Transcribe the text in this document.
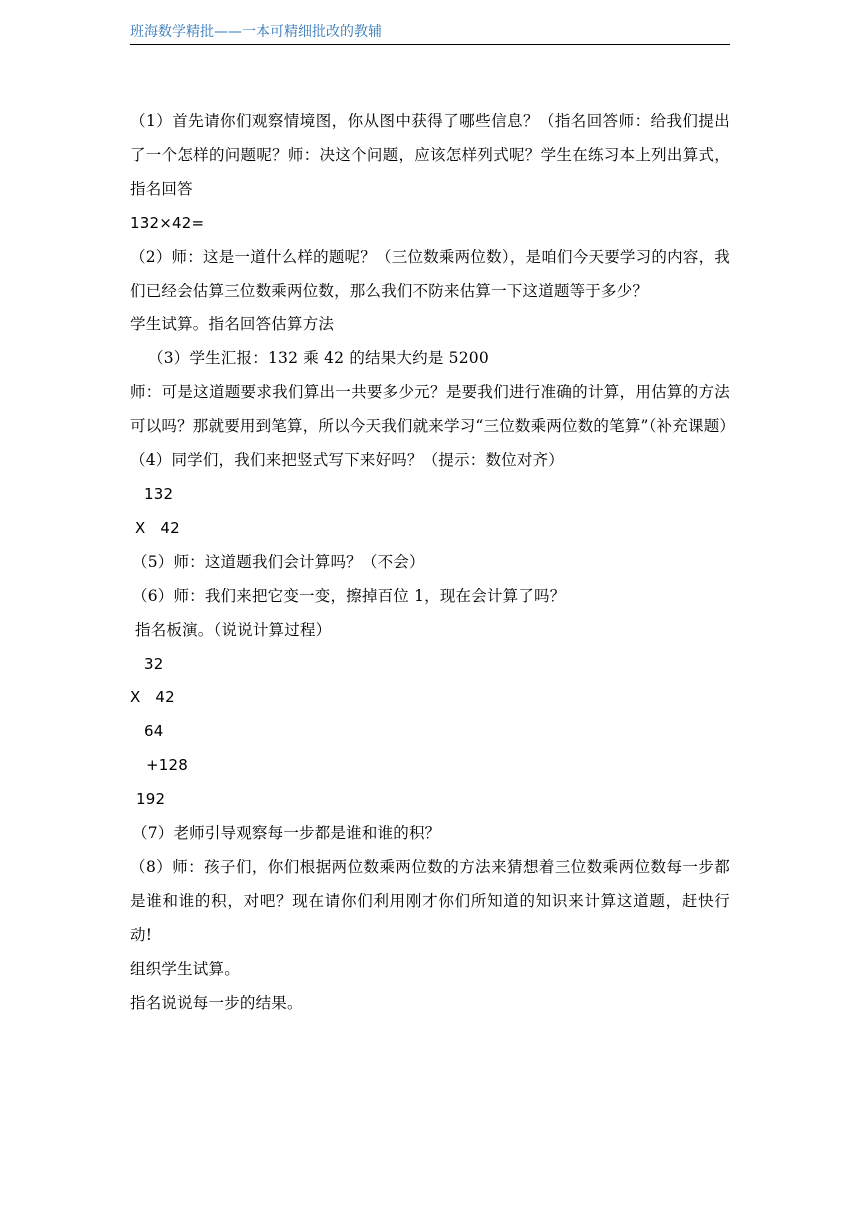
班海数学精批——一本可精细批改的教辅

（1）首先请你们观察情境图，你从图中获得了哪些信息？（指名回答师：给我们提出了一个怎样的问题呢？师：决这个问题，应该怎样列式呢？学生在练习本上列出算式，指名回答

132×42=

（2）师：这是一道什么样的题呢？（三位数乘两位数），是咱们今天要学习的内容，我们已经会估算三位数乘两位数，那么我们不防来估算一下这道题等于多少？

学生试算。指名回答估算方法

（3）学生汇报：132 乘 42 的结果大约是 5200

师：可是这道题要求我们算出一共要多少元？是要我们进行准确的计算，用估算的方法可以吗？那就要用到笔算，所以今天我们就来学习“三位数乘两位数的笔算”（补充课题）

（4）同学们，我们来把竖式写下来好吗？（提示：数位对齐）

132

X   42

（5）师：这道题我们会计算吗？（不会）

（6）师：我们来把它变一变，擦掉百位 1，现在会计算了吗？

指名板演。（说说计算过程）

32

X   42

64

+128

192

（7）老师引导观察每一步都是谁和谁的积？

（8）师：孩子们，你们根据两位数乘两位数的方法来猜想着三位数乘两位数每一步都是谁和谁的积，对吧？现在请你们利用刚才你们所知道的知识来计算这道题，赶快行动!

组织学生试算。

指名说说每一步的结果。
